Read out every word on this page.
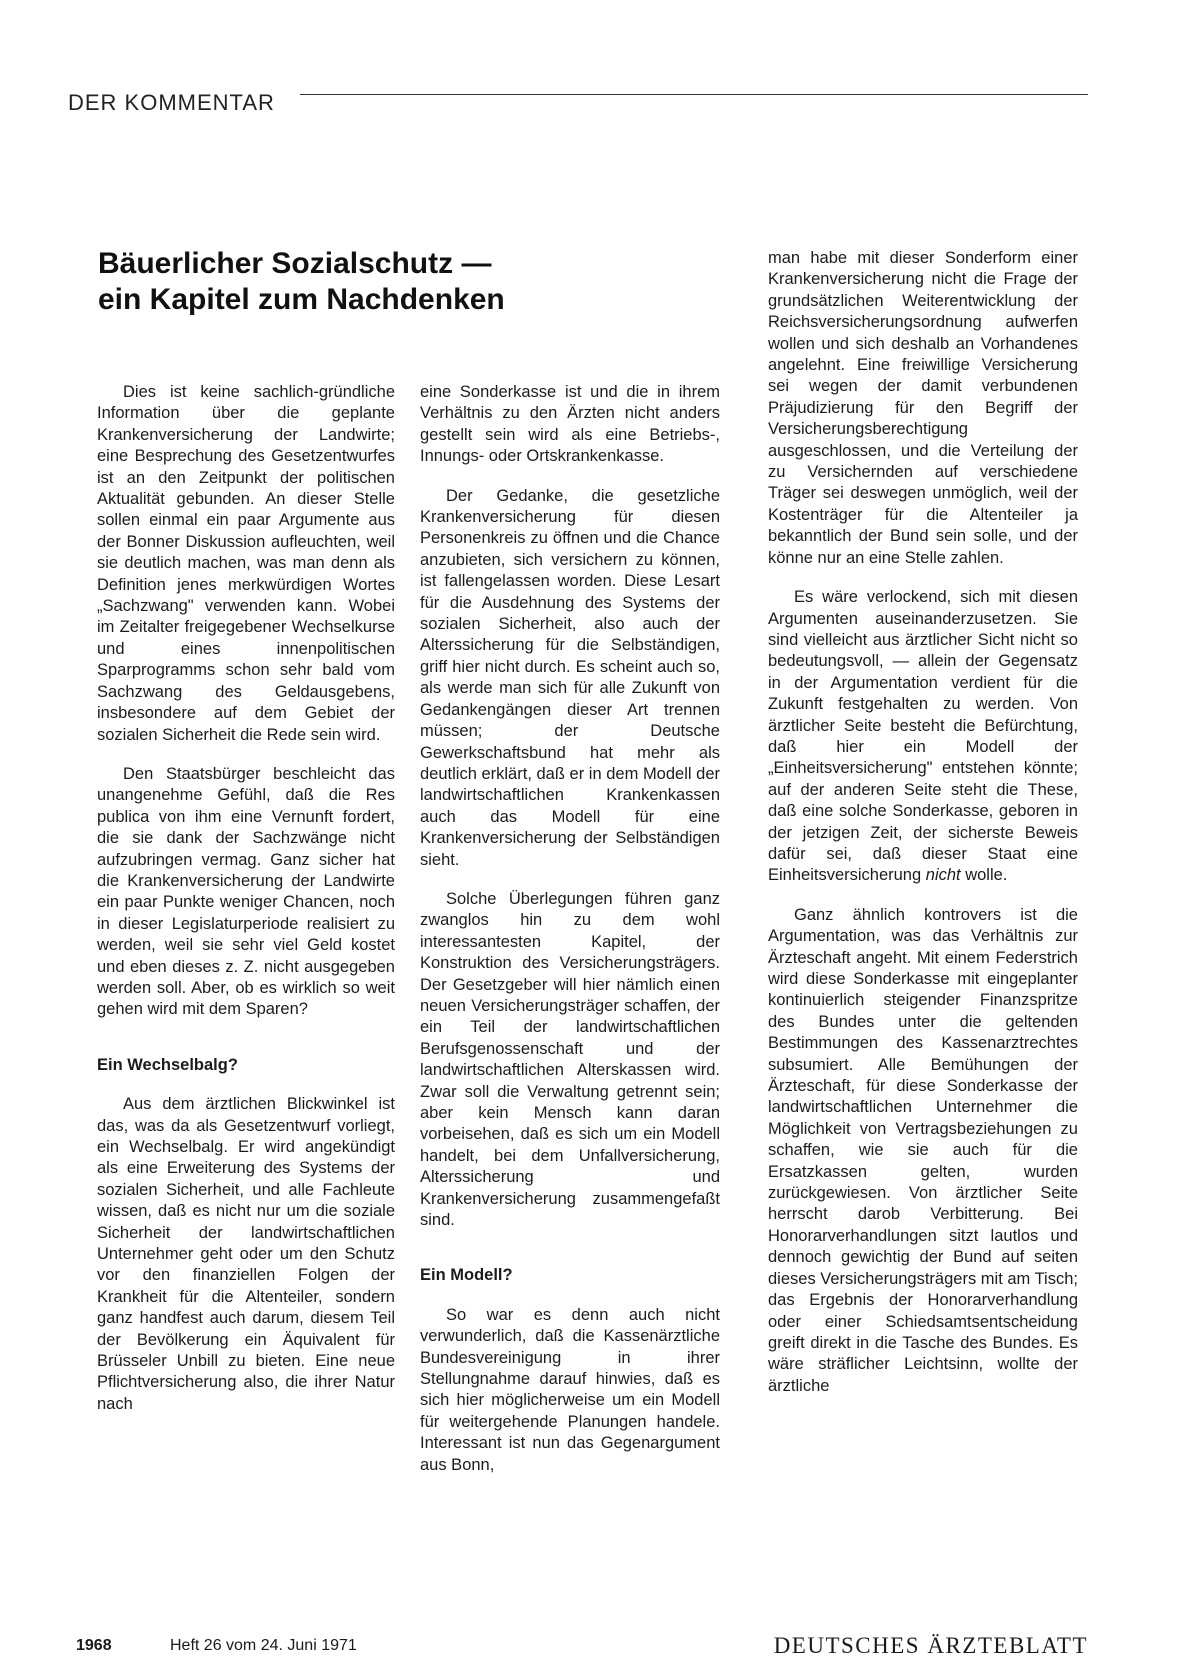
DER KOMMENTAR
Bäuerlicher Sozialschutz —
ein Kapitel zum Nachdenken

Dies ist keine sachlich-gründliche Information über die geplante Krankenversicherung der Landwirte; eine Besprechung des Gesetzentwurfes ist an den Zeitpunkt der politischen Aktualität gebunden. An dieser Stelle sollen einmal ein paar Argumente aus der Bonner Diskussion aufleuchten, weil sie deutlich machen, was man denn als Definition jenes merkwürdigen Wortes „Sachzwang" verwenden kann. Wobei im Zeitalter freigegebener Wechselkurse und eines innenpolitischen Sparprogramms schon sehr bald vom Sachzwang des Geldausgebens, insbesondere auf dem Gebiet der sozialen Sicherheit die Rede sein wird.

Den Staatsbürger beschleicht das unangenehme Gefühl, daß die Res publica von ihm eine Vernunft fordert, die sie dank der Sachzwänge nicht aufzubringen vermag. Ganz sicher hat die Krankenversicherung der Landwirte ein paar Punkte weniger Chancen, noch in dieser Legislaturperiode realisiert zu werden, weil sie sehr viel Geld kostet und eben dieses z. Z. nicht ausgegeben werden soll. Aber, ob es wirklich so weit gehen wird mit dem Sparen?

Ein Wechselbalg?

Aus dem ärztlichen Blickwinkel ist das, was da als Gesetzentwurf vorliegt, ein Wechselbalg. Er wird angekündigt als eine Erweiterung des Systems der sozialen Sicherheit, und alle Fachleute wissen, daß es nicht nur um die soziale Sicherheit der landwirtschaftlichen Unternehmer geht oder um den Schutz vor den finanziellen Folgen der Krankheit für die Altenteiler, sondern ganz handfest auch darum, diesem Teil der Bevölkerung ein Äquivalent für Brüsseler Unbill zu bieten. Eine neue Pflichtversicherung also, die ihrer Natur nach

eine Sonderkasse ist und die in ihrem Verhältnis zu den Ärzten nicht anders gestellt sein wird als eine Betriebs-, Innungs- oder Ortskrankenkasse.

Der Gedanke, die gesetzliche Krankenversicherung für diesen Personenkreis zu öffnen und die Chance anzubieten, sich versichern zu können, ist fallengelassen worden. Diese Lesart für die Ausdehnung des Systems der sozialen Sicherheit, also auch der Alterssicherung für die Selbständigen, griff hier nicht durch. Es scheint auch so, als werde man sich für alle Zukunft von Gedankengängen dieser Art trennen müssen; der Deutsche Gewerkschaftsbund hat mehr als deutlich erklärt, daß er in dem Modell der landwirtschaftlichen Krankenkassen auch das Modell für eine Krankenversicherung der Selbständigen sieht.

Solche Überlegungen führen ganz zwanglos hin zu dem wohl interessantesten Kapitel, der Konstruktion des Versicherungsträgers. Der Gesetzgeber will hier nämlich einen neuen Versicherungsträger schaffen, der ein Teil der landwirtschaftlichen Berufsgenossenschaft und der landwirtschaftlichen Alterskassen wird. Zwar soll die Verwaltung getrennt sein; aber kein Mensch kann daran vorbeisehen, daß es sich um ein Modell handelt, bei dem Unfallversicherung, Alterssicherung und Krankenversicherung zusammengefaßt sind.

Ein Modell?

So war es denn auch nicht verwunderlich, daß die Kassenärztliche Bundesvereinigung in ihrer Stellungnahme darauf hinwies, daß es sich hier möglicherweise um ein Modell für weitergehende Planungen handele. Interessant ist nun das Gegenargument aus Bonn,

man habe mit dieser Sonderform einer Krankenversicherung nicht die Frage der grundsätzlichen Weiterentwicklung der Reichsversicherungsordnung aufwerfen wollen und sich deshalb an Vorhandenes angelehnt. Eine freiwillige Versicherung sei wegen der damit verbundenen Präjudizierung für den Begriff der Versicherungsberechtigung ausgeschlossen, und die Verteilung der zu Versichernden auf verschiedene Träger sei deswegen unmöglich, weil der Kostenträger für die Altenteiler ja bekanntlich der Bund sein solle, und der könne nur an eine Stelle zahlen.

Es wäre verlockend, sich mit diesen Argumenten auseinanderzusetzen. Sie sind vielleicht aus ärztlicher Sicht nicht so bedeutungsvoll, — allein der Gegensatz in der Argumentation verdient für die Zukunft festgehalten zu werden. Von ärztlicher Seite besteht die Befürchtung, daß hier ein Modell der „Einheitsversicherung" entstehen könnte; auf der anderen Seite steht die These, daß eine solche Sonderkasse, geboren in der jetzigen Zeit, der sicherste Beweis dafür sei, daß dieser Staat eine Einheitsversicherung nicht wolle.

Ganz ähnlich kontrovers ist die Argumentation, was das Verhältnis zur Ärzteschaft angeht. Mit einem Federstrich wird diese Sonderkasse mit eingeplanter kontinuierlich steigender Finanzspritze des Bundes unter die geltenden Bestimmungen des Kassenarztrechtes subsumiert. Alle Bemühungen der Ärzteschaft, für diese Sonderkasse der landwirtschaftlichen Unternehmer die Möglichkeit von Vertragsbeziehungen zu schaffen, wie sie auch für die Ersatzkassen gelten, wurden zurückgewiesen. Von ärztlicher Seite herrscht darob Verbitterung. Bei Honorarverhandlungen sitzt lautlos und dennoch gewichtig der Bund auf seiten dieses Versicherungsträgers mit am Tisch; das Ergebnis der Honorarverhandlung oder einer Schiedsamtsentscheidung greift direkt in die Tasche des Bundes. Es wäre sträflicher Leichtsinn, wollte der ärztliche

1968	Heft 26 vom 24. Juni 1971	DEUTSCHES ÄRZTEBLATT
